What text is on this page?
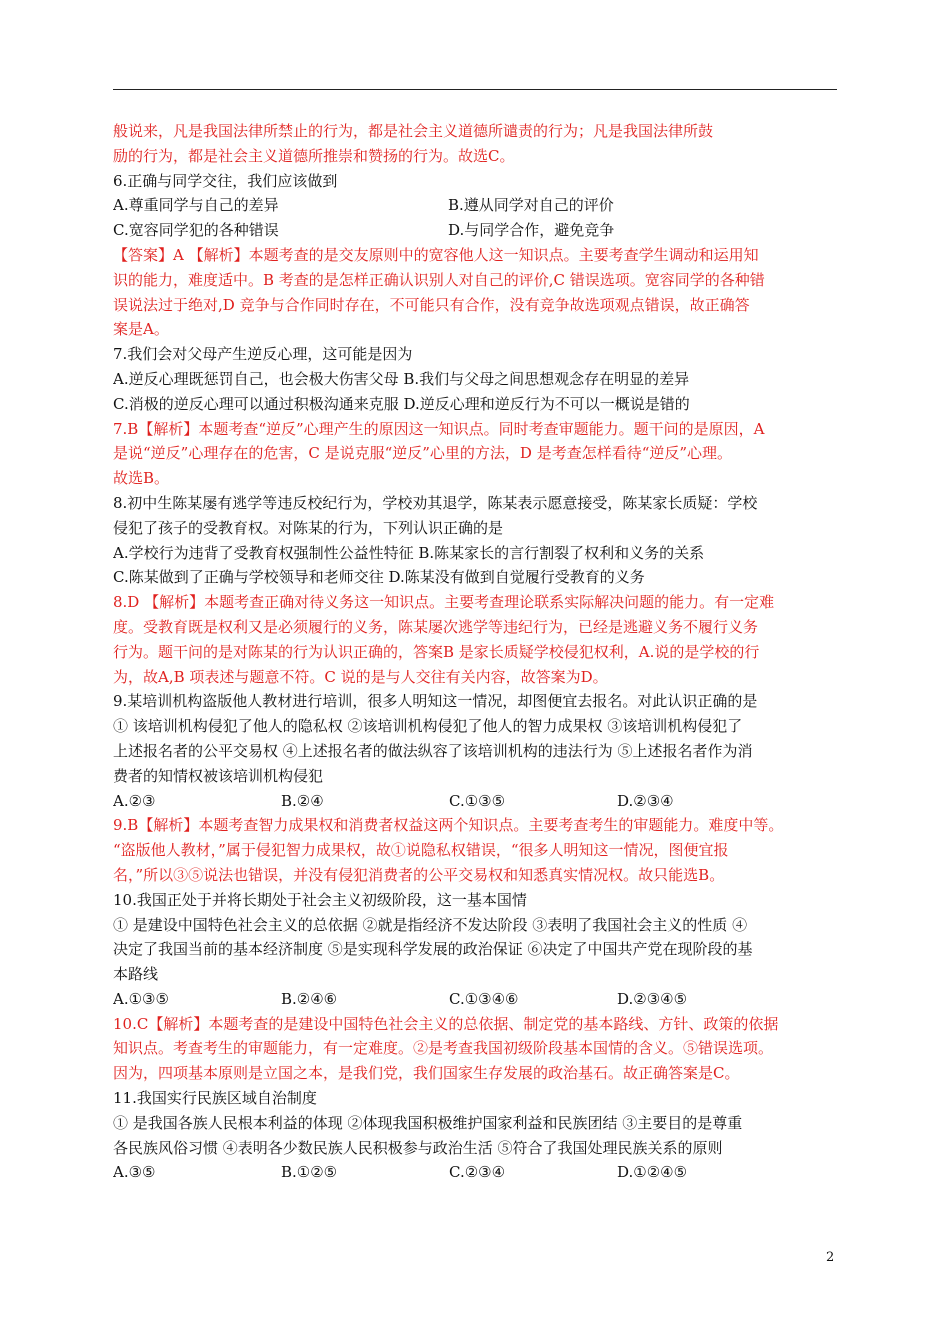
般说来，凡是我国法律所禁止的行为，都是社会主义道德所谴责的行为；凡是我国法律所鼓
励的行为，都是社会主义道德所推崇和赞扬的行为。故选C。
6.正确与同学交往，我们应该做到
A.尊重同学与自己的差异	B.遵从同学对自己的评价
C.宽容同学犯的各种错误	D.与同学合作，避免竞争
【答案】A 【解析】本题考查的是交友原则中的宽容他人这一知识点。主要考查学生调动和运用知
识的能力，难度适中。B 考查的是怎样正确认识别人对自己的评价,C 错误选项。宽容同学的各种错
误说法过于绝对,D 竞争与合作同时存在，不可能只有合作，没有竞争故选项观点错误，故正确答
案是A。
7.我们会对父母产生逆反心理，这可能是因为
A.逆反心理既惩罚自己，也会极大伤害父母 B.我们与父母之间思想观念存在明显的差异
C.消极的逆反心理可以通过积极沟通来克服 D.逆反心理和逆反行为不可以一概说是错的
7.B【解析】本题考查“逆反”心理产生的原因这一知识点。同时考查审题能力。题干问的是原因，A
是说“逆反”心理存在的危害，C 是说克服“逆反”心里的方法，D 是考查怎样看待“逆反”心理。
故选B。
8.初中生陈某屡有逃学等违反校纪行为，学校劝其退学，陈某表示愿意接受，陈某家长质疑：学校
侵犯了孩子的受教育权。对陈某的行为，下列认识正确的是
A.学校行为违背了受教育权强制性公益性特征 B.陈某家长的言行割裂了权利和义务的关系
C.陈某做到了正确与学校领导和老师交往 D.陈某没有做到自觉履行受教育的义务
8.D 【解析】本题考查正确对待义务这一知识点。主要考查理论联系实际解决问题的能力。有一定难
度。受教育既是权利又是必须履行的义务，陈某屡次逃学等违纪行为，已经是逃避义务不履行义务
行为。题干问的是对陈某的行为认识正确的，答案B 是家长质疑学校侵犯权利，A.说的是学校的行
为，故A,B 项表述与题意不符。C 说的是与人交往有关内容，故答案为D。
9.某培训机构盗版他人教材进行培训，很多人明知这一情况，却图便宜去报名。对此认识正确的是
① 该培训机构侵犯了他人的隐私权 ②该培训机构侵犯了他人的智力成果权 ③该培训机构侵犯了
上述报名者的公平交易权 ④上述报名者的做法纵容了该培训机构的违法行为 ⑤上述报名者作为消
费者的知情权被该培训机构侵犯
A.②③	B.②④	C.①③⑤	D.②③④
9.B【解析】本题考查智力成果权和消费者权益这两个知识点。主要考查考生的审题能力。难度中等。
“盗版他人教材，”属于侵犯智力成果权，故①说隐私权错误，“很多人明知这一情况，图便宜报
名，”所以③⑤说法也错误，并没有侵犯消费者的公平交易权和知悉真实情况权。故只能选B。
10.我国正处于并将长期处于社会主义初级阶段，这一基本国情
① 是建设中国特色社会主义的总依据 ②就是指经济不发达阶段 ③表明了我国社会主义的性质 ④
决定了我国当前的基本经济制度 ⑤是实现科学发展的政治保证 ⑥决定了中国共产党在现阶段的基
本路线
A.①③⑤	B.②④⑥	C.①③④⑥	D.②③④⑤
10.C【解析】本题考查的是建设中国特色社会主义的总依据、制定党的基本路线、方针、政策的依据
知识点。考查考生的审题能力，有一定难度。②是考查我国初级阶段基本国情的含义。⑤错误选项。
因为，四项基本原则是立国之本，是我们党，我们国家生存发展的政治基石。故正确答案是C。
11.我国实行民族区域自治制度
① 是我国各族人民根本利益的体现 ②体现我国积极维护国家利益和民族团结 ③主要目的是尊重
各民族风俗习惯 ④表明各少数民族人民积极参与政治生活 ⑤符合了我国处理民族关系的原则
A.③⑤	B.①②⑤	C.②③④	D.①②④⑤
2
